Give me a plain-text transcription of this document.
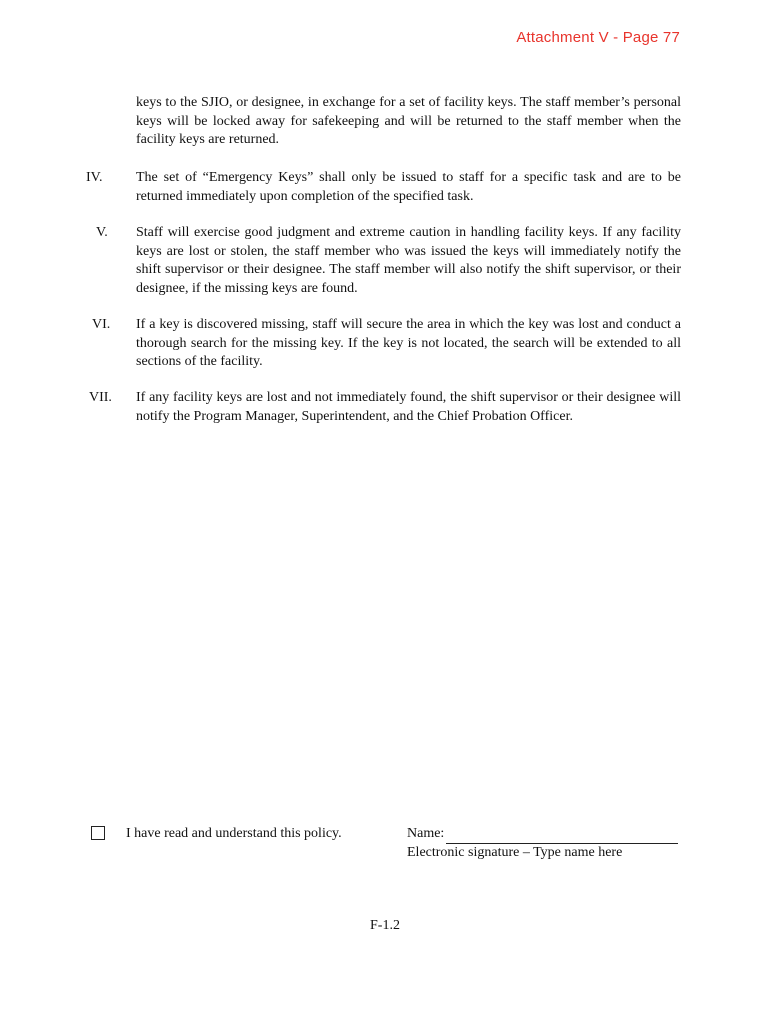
Attachment V - Page 77
keys to the SJIO, or designee, in exchange for a set of facility keys. The staff member’s personal keys will be locked away for safekeeping and will be returned to the staff member when the facility keys are returned.
IV.	The set of “Emergency Keys” shall only be issued to staff for a specific task and are to be returned immediately upon completion of the specified task.
V.	Staff will exercise good judgment and extreme caution in handling facility keys. If any facility keys are lost or stolen, the staff member who was issued the keys will immediately notify the shift supervisor or their designee. The staff member will also notify the shift supervisor, or their designee, if the missing keys are found.
VI.	If a key is discovered missing, staff will secure the area in which the key was lost and conduct a thorough search for the missing key. If the key is not located, the search will be extended to all sections of the facility.
VII.	If any facility keys are lost and not immediately found, the shift supervisor or their designee will notify the Program Manager, Superintendent, and the Chief Probation Officer.
I have read and understand this policy.	Name:
Electronic signature – Type name here
F-1.2
